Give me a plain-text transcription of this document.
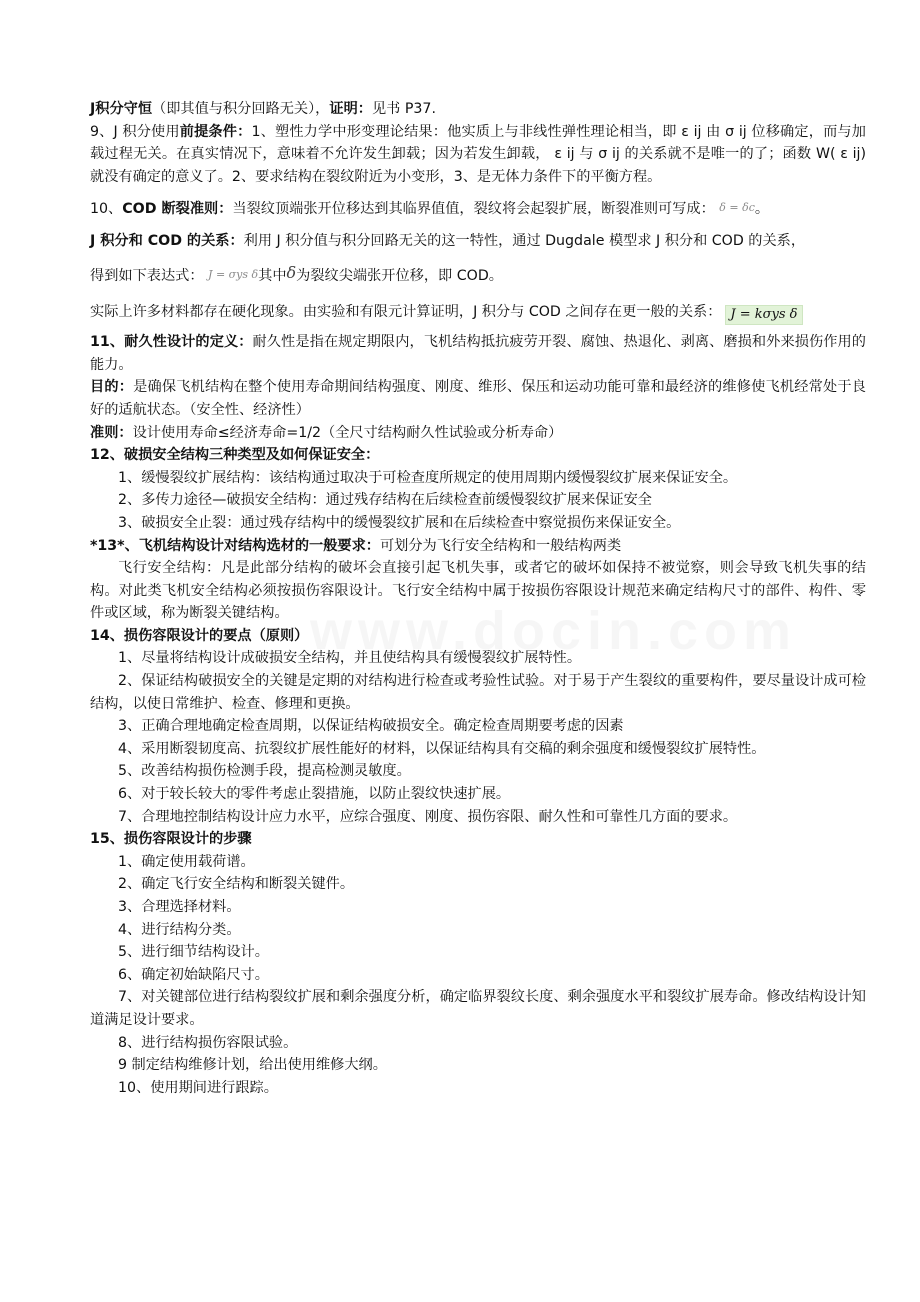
J积分守恒（即其值与积分回路无关），证明：见书 P37.

9、J 积分使用前提条件：1、塑性力学中形变理论结果：他实质上与非线性弹性理论相当，即 ε ij 由 σ ij 位移确定，而与加载过程无关。在真实情况下，意味着不允许发生卸载；因为若发生卸载， ε ij 与 σ ij 的关系就不是唯一的了；函数 W( ε ij)就没有确定的意义了。2、要求结构在裂纹附近为小变形，3、是无体力条件下的平衡方程。

10、COD 断裂准则：当裂纹顶端张开位移达到其临界值值，裂纹将会起裂扩展，断裂准则可写成： δ = δc。

J 积分和 COD 的关系：利用 J 积分值与积分回路无关的这一特性，通过 Dugdale 模型求 J 积分和 COD 的关系，

得到如下表达式： J = σys δ其中δ为裂纹尖端张开位移，即 COD。

实际上许多材料都存在硬化现象。由实验和有限元计算证明，J 积分与 COD 之间存在更一般的关系： J = kσys δ

11、耐久性设计的定义：耐久性是指在规定期限内，飞机结构抵抗疲劳开裂、腐蚀、热退化、剥离、磨损和外来损伤作用的能力。

目的：是确保飞机结构在整个使用寿命期间结构强度、刚度、维形、保压和运动功能可靠和最经济的维修使飞机经常处于良好的适航状态。（安全性、经济性）

准则：设计使用寿命≤经济寿命=1/2（全尺寸结构耐久性试验或分析寿命）

12、破损安全结构三种类型及如何保证安全：

1、缓慢裂纹扩展结构：该结构通过取决于可检查度所规定的使用周期内缓慢裂纹扩展来保证安全。

2、多传力途径—破损安全结构：通过残存结构在后续检查前缓慢裂纹扩展来保证安全

3、破损安全止裂：通过残存结构中的缓慢裂纹扩展和在后续检查中察觉损伤来保证安全。

*13*、飞机结构设计对结构选材的一般要求：可划分为飞行安全结构和一般结构两类

飞行安全结构：凡是此部分结构的破坏会直接引起飞机失事，或者它的破坏如保持不被觉察，则会导致飞机失事的结构。对此类飞机安全结构必须按损伤容限设计。飞行安全结构中属于按损伤容限设计规范来确定结构尺寸的部件、构件、零件或区域，称为断裂关键结构。

14、损伤容限设计的要点（原则）

1、尽量将结构设计成破损安全结构，并且使结构具有缓慢裂纹扩展特性。

2、保证结构破损安全的关键是定期的对结构进行检查或考验性试验。对于易于产生裂纹的重要构件，要尽量设计成可检结构，以使日常维护、检查、修理和更换。

3、正确合理地确定检查周期，以保证结构破损安全。确定检查周期要考虑的因素

4、采用断裂韧度高、抗裂纹扩展性能好的材料，以保证结构具有交稿的剩余强度和缓慢裂纹扩展特性。

5、改善结构损伤检测手段，提高检测灵敏度。

6、对于较长较大的零件考虑止裂措施，以防止裂纹快速扩展。

7、合理地控制结构设计应力水平，应综合强度、刚度、损伤容限、耐久性和可靠性几方面的要求。

15、损伤容限设计的步骤

1、确定使用载荷谱。

2、确定飞行安全结构和断裂关键件。

3、合理选择材料。

4、进行结构分类。

5、进行细节结构设计。

6、确定初始缺陷尺寸。

7、对关键部位进行结构裂纹扩展和剩余强度分析，确定临界裂纹长度、剩余强度水平和裂纹扩展寿命。修改结构设计知道满足设计要求。

8、进行结构损伤容限试验。

9 制定结构维修计划，给出使用维修大纲。

10、使用期间进行跟踪。
